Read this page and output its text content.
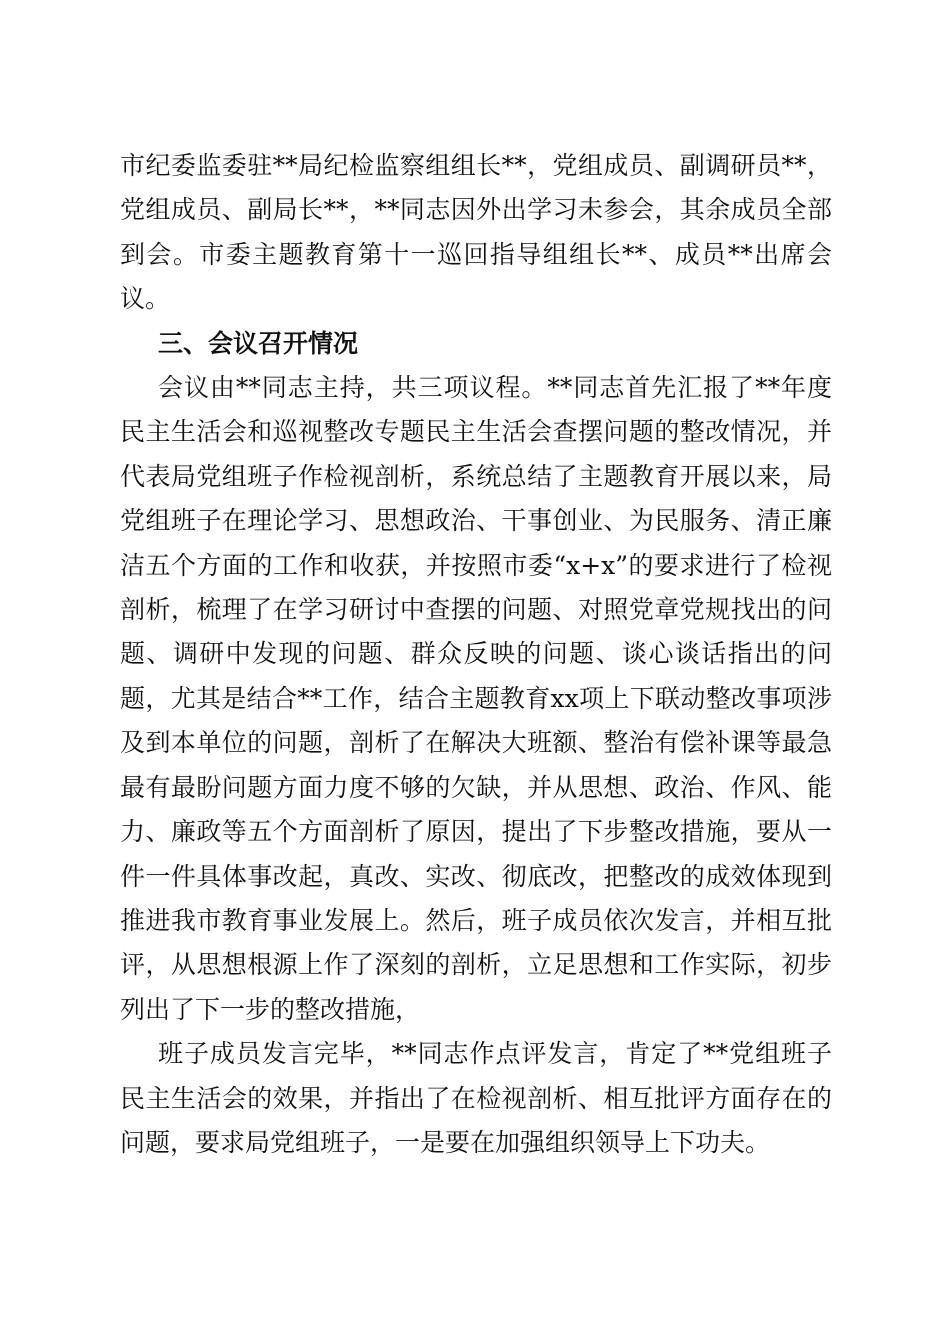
市纪委监委驻**局纪检监察组组长**，党组成员、副调研员**，党组成员、副局长**，**同志因外出学习未参会，其余成员全部到会。市委主题教育第十一巡回指导组组长**、成员**出席会议。

三、会议召开情况

会议由**同志主持，共三项议程。**同志首先汇报了**年度民主生活会和巡视整改专题民主生活会查摆问题的整改情况，并代表局党组班子作检视剖析，系统总结了主题教育开展以来，局党组班子在理论学习、思想政治、干事创业、为民服务、清正廉洁五个方面的工作和收获，并按照市委“x+x”的要求进行了检视剖析，梳理了在学习研讨中查摆的问题、对照党章党规找出的问题、调研中发现的问题、群众反映的问题、谈心谈话指出的问题，尤其是结合**工作，结合主题教育xx项上下联动整改事项涉及到本单位的问题，剖析了在解决大班额、整治有偿补课等最急最有最盼问题方面力度不够的欠缺，并从思想、政治、作风、能力、廉政等五个方面剖析了原因，提出了下步整改措施，要从一件一件具体事改起，真改、实改、彻底改，把整改的成效体现到推进我市教育事业发展上。然后，班子成员依次发言，并相互批评，从思想根源上作了深刻的剖析，立足思想和工作实际，初步列出了下一步的整改措施，

班子成员发言完毕，**同志作点评发言，肯定了**党组班子民主生活会的效果，并指出了在检视剖析、相互批评方面存在的问题，要求局党组班子，一是要在加强组织领导上下功夫。
